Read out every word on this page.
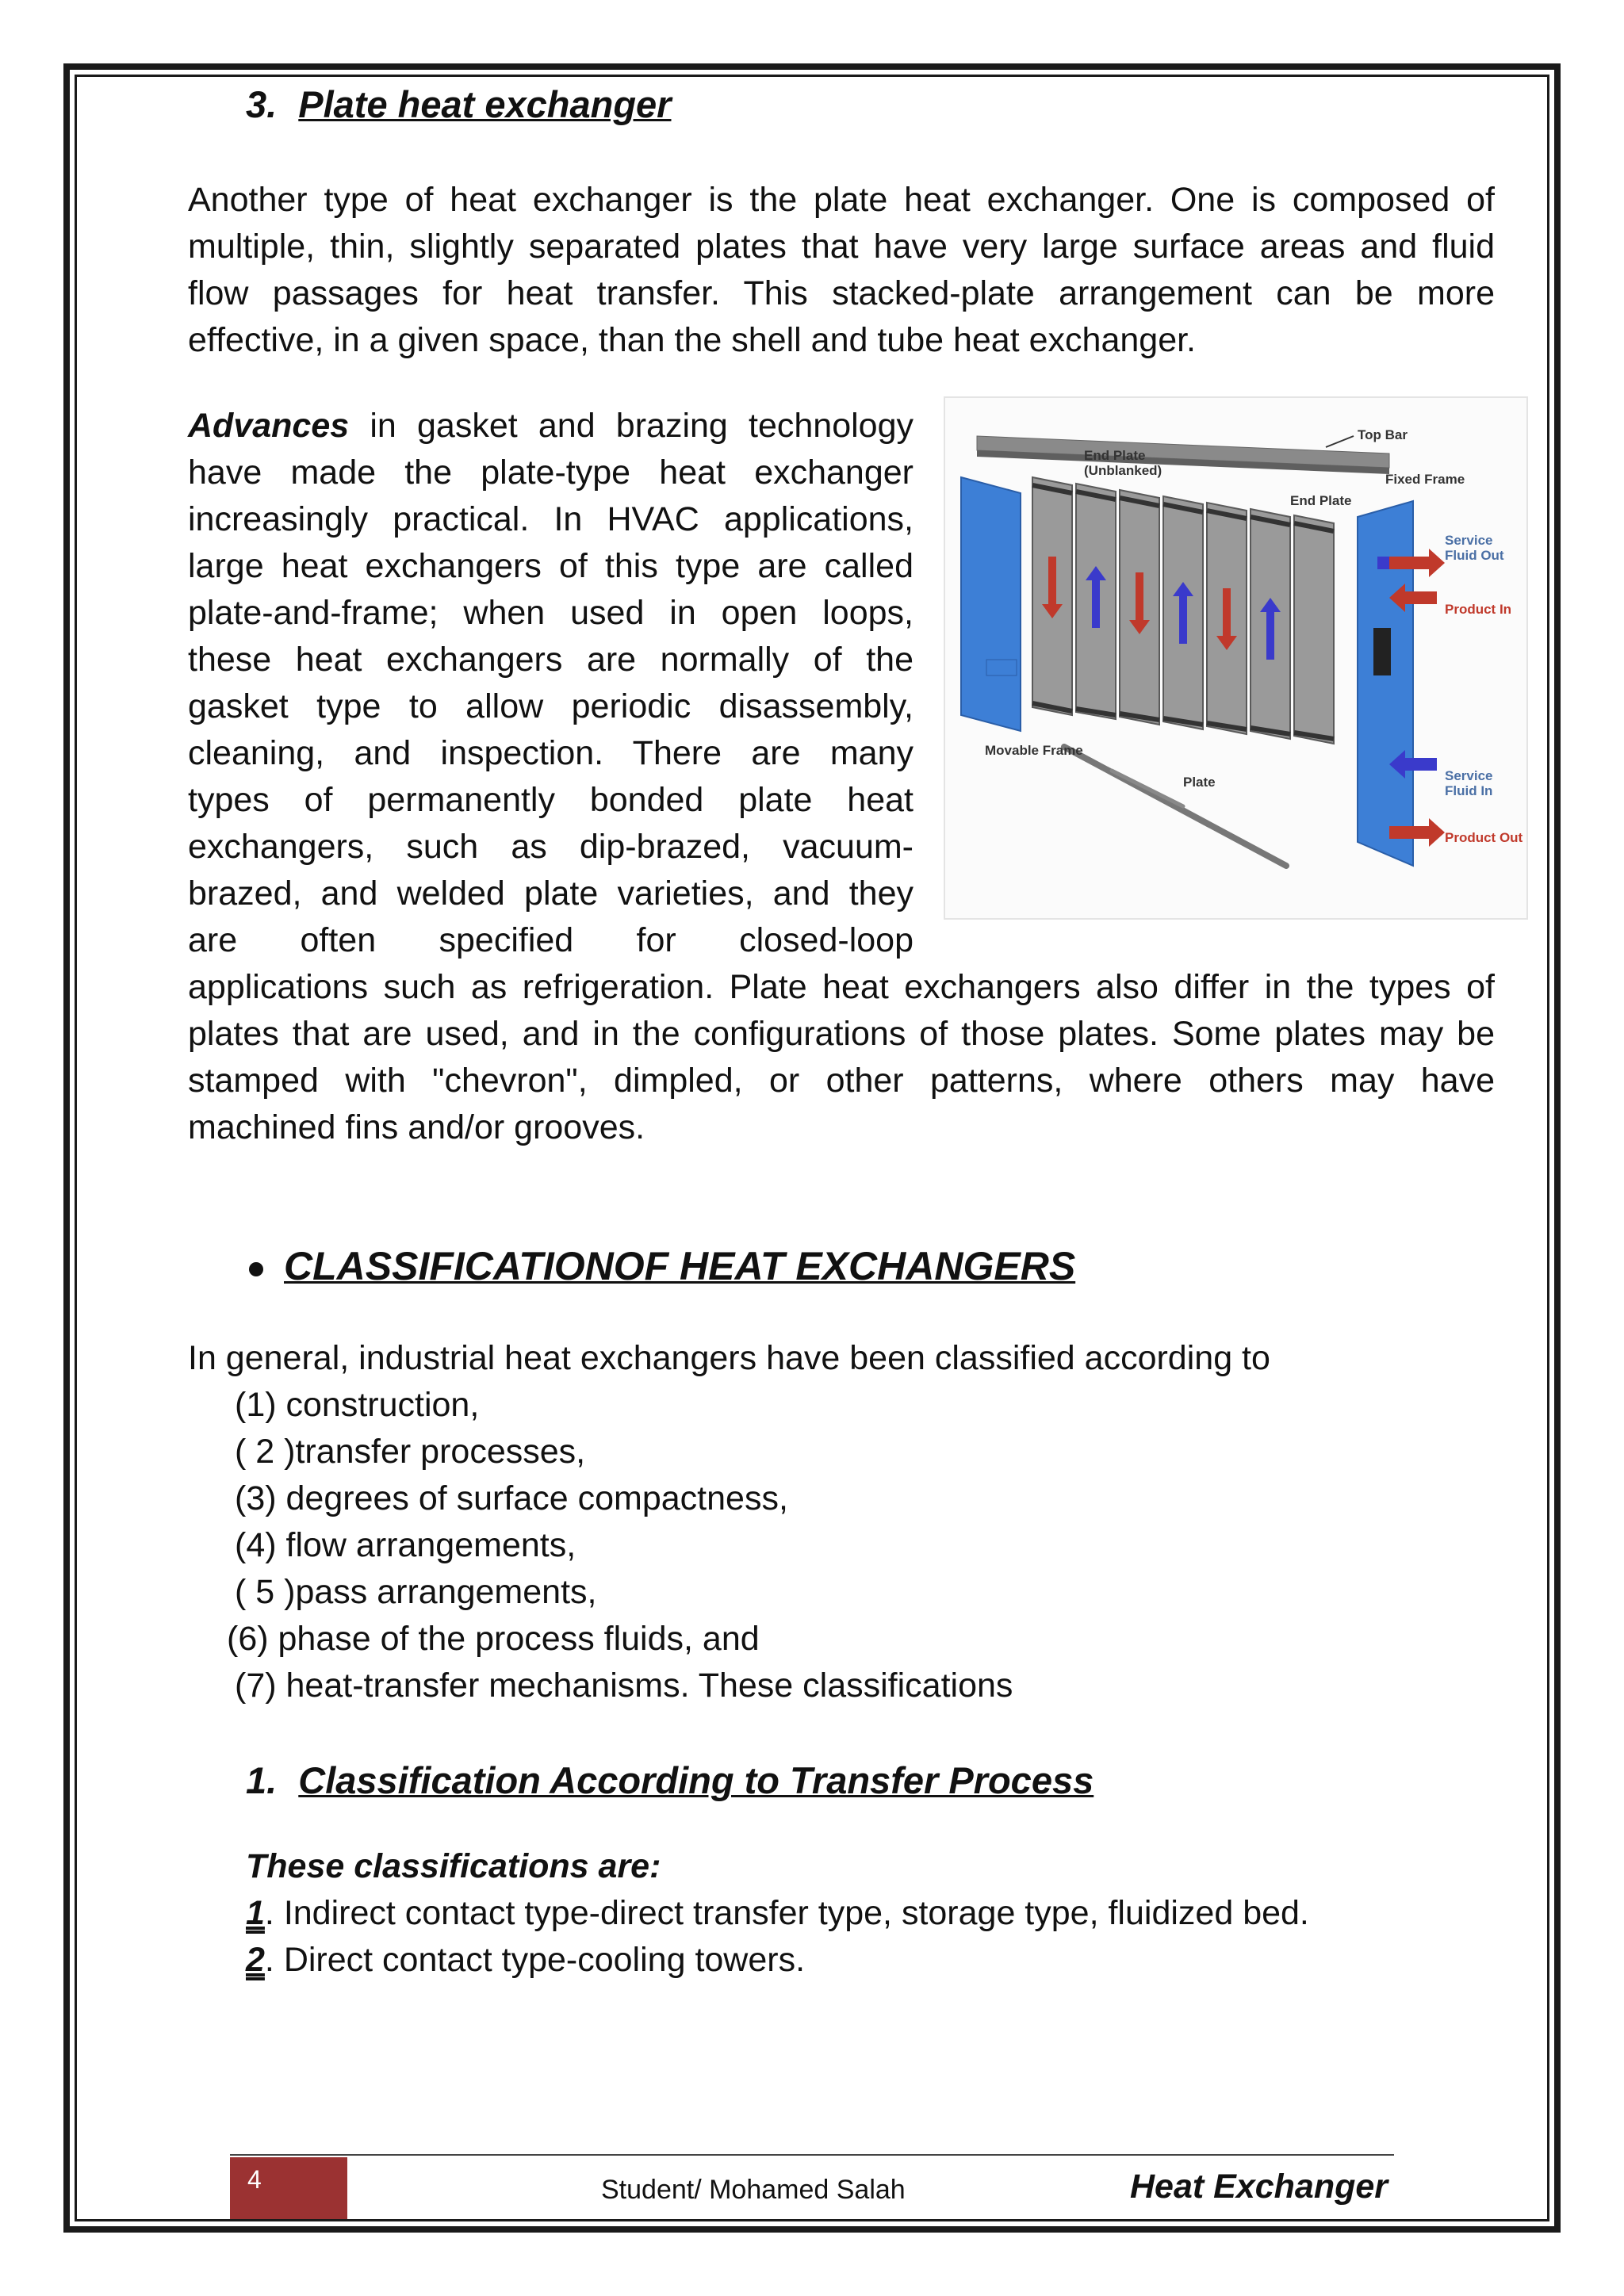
3. Plate heat exchanger
Another type of heat exchanger is the plate heat exchanger. One is composed of
multiple, thin, slightly separated plates that have very large surface areas and fluid
flow passages for heat transfer. This stacked-plate arrangement can be more
effective, in a given space, than the shell and tube heat exchanger.
Advances in gasket and brazing technology
have made the plate-type heat exchanger
increasingly practical. In HVAC applications,
large heat exchangers of this type are called
plate-and-frame; when used in open loops,
these heat exchangers are normally of the
gasket type to allow periodic disassembly,
cleaning, and inspection. There are many
types of permanently bonded plate heat
exchangers, such as dip-brazed, vacuum-
brazed, and welded plate varieties, and they
are often specified for closed-loop
applications such as refrigeration. Plate heat exchangers also differ in the types of
plates that are used, and in the configurations of those plates. Some plates may be
stamped with "chevron", dimpled, or other patterns, where others may have
machined fins and/or grooves.
Top Bar
End Plate
(Unblanked)
Fixed Frame
End Plate
Service
Fluid Out
Product In
Movable Frame
Plate	Service
Fluid In
Product Out
CLASSIFICATIONOF HEAT EXCHANGERS
In general, industrial heat exchangers have been classified according to
(1) construction,
( 2 )transfer processes,
(3) degrees of surface compactness,
(4) flow arrangements,
( 5 )pass arrangements,
(6) phase of the process fluids, and
(7) heat-transfer mechanisms. These classifications
1. Classification According to Transfer Process
These classifications are:
1. Indirect contact type-direct transfer type, storage type, fluidized bed.
2. Direct contact type-cooling towers.
4	Student/ Mohamed Salah	Heat Exchanger
